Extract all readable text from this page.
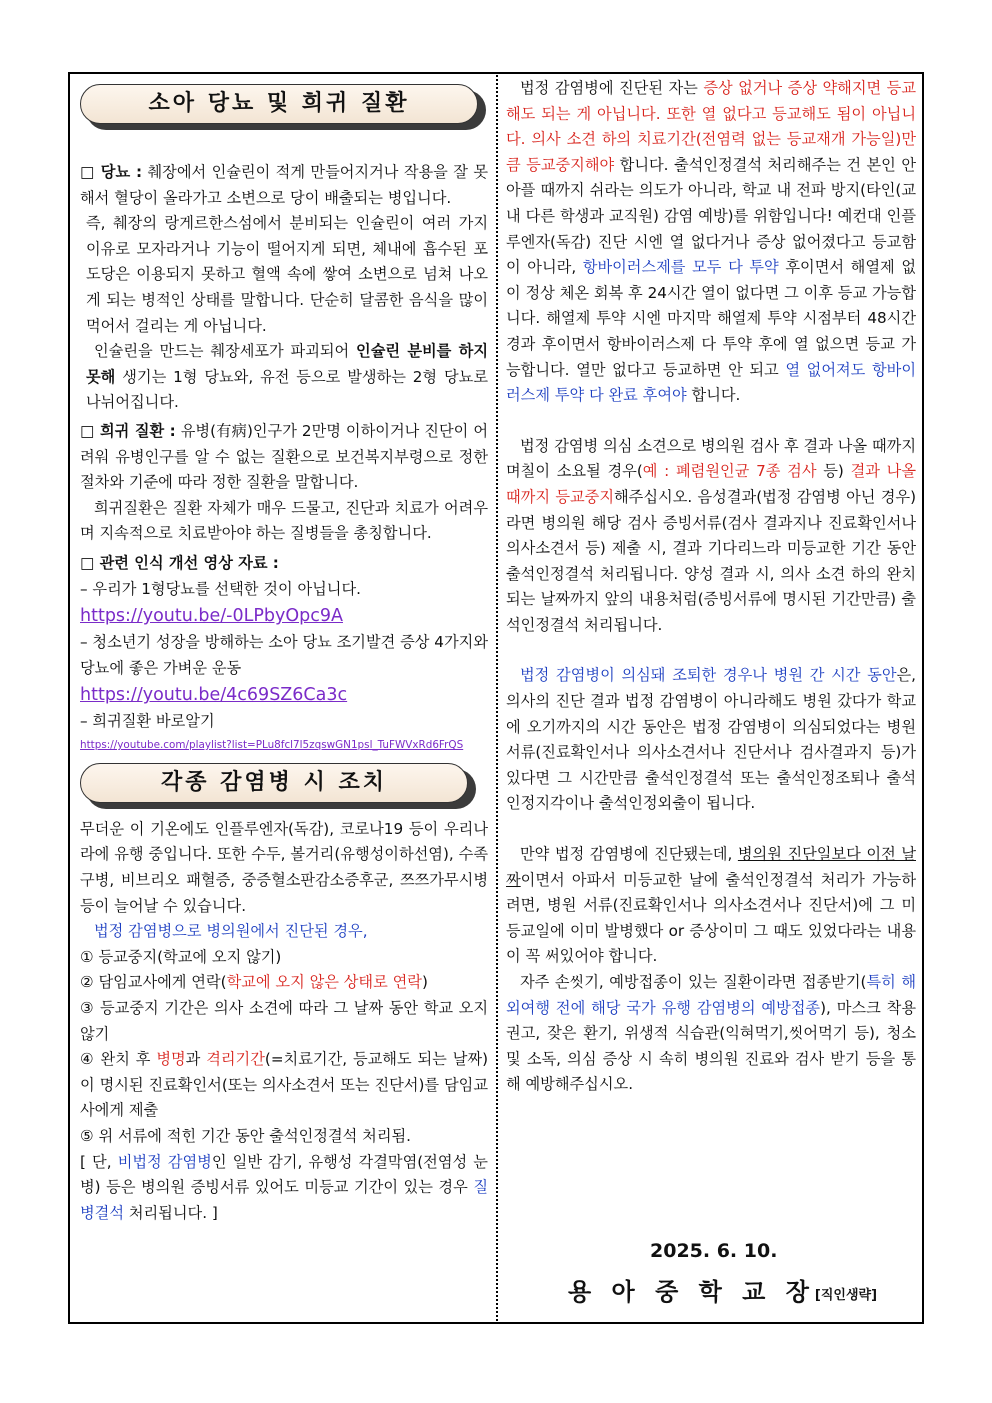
소아 당뇨 및 희귀 질환

□ 당뇨 : 췌장에서 인슐린이 적게 만들어지거나 작용을 잘 못해서 혈당이 올라가고 소변으로 당이 배출되는 병입니다.

즉, 췌장의 랑게르한스섬에서 분비되는 인슐린이 여러 가지 이유로 모자라거나 기능이 떨어지게 되면, 체내에 흡수된 포도당은 이용되지 못하고 혈액 속에 쌓여 소변으로 넘쳐 나오게 되는 병적인 상태를 말합니다. 단순히 달콤한 음식을 많이 먹어서 걸리는 게 아닙니다.

인슐린을 만드는 췌장세포가 파괴되어 인슐린 분비를 하지 못해 생기는 1형 당뇨와, 유전 등으로 발생하는 2형 당뇨로 나뉘어집니다.

□ 희귀 질환 : 유병(有病)인구가 2만명 이하이거나 진단이 어려워 유병인구를 알 수 없는 질환으로 보건복지부령으로 정한 절차와 기준에 따라 정한 질환을 말합니다.

희귀질환은 질환 자체가 매우 드물고, 진단과 치료가 어려우며 지속적으로 치료받아야 하는 질병들을 총칭합니다.

□ 관련 인식 개선 영상 자료 :

– 우리가 1형당뇨를 선택한 것이 아닙니다.

https://youtu.be/-0LPbyOpc9A

– 청소년기 성장을 방해하는 소아 당뇨 조기발견 증상 4가지와 당뇨에 좋은 가벼운 운동

https://youtu.be/4c69SZ6Ca3c

– 희귀질환 바로알기

https://youtube.com/playlist?list=PLu8fcl7l5zqswGN1psl_TuFWVxRd6FrQS

각종 감염병 시 조치

무더운 이 기온에도 인플루엔자(독감), 코로나19 등이 우리나라에 유행 중입니다. 또한 수두, 볼거리(유행성이하선염), 수족구병, 비브리오 패혈증, 중증혈소판감소증후군, 쯔쯔가무시병 등이 늘어날 수 있습니다.

법정 감염병으로 병의원에서 진단된 경우,

① 등교중지(학교에 오지 않기)

② 담임교사에게 연락(학교에 오지 않은 상태로 연락)

③ 등교중지 기간은 의사 소견에 따라 그 날짜 동안 학교 오지 않기

④ 완치 후 병명과 격리기간(=치료기간, 등교해도 되는 날짜)이 명시된 진료확인서(또는 의사소견서 또는 진단서)를 담임교사에게 제출

⑤ 위 서류에 적힌 기간 동안 출석인정결석 처리됨.

[ 단, 비법정 감염병인 일반 감기, 유행성 각결막염(전염성 눈병) 등은 병의원 증빙서류 있어도 미등교 기간이 있는 경우 질병결석 처리됩니다. ]

법정 감염병에 진단된 자는 증상 없거나 증상 약해지면 등교해도 되는 게 아닙니다. 또한 열 없다고 등교해도 됨이 아닙니다. 의사 소견 하의 치료기간(전염력 없는 등교재개 가능일)만큼 등교중지해야 합니다. 출석인정결석 처리해주는 건 본인 안 아플 때까지 쉬라는 의도가 아니라, 학교 내 전파 방지(타인(교내 다른 학생과 교직원) 감염 예방)를 위함입니다! 예컨대 인플루엔자(독감) 진단 시엔 열 없다거나 증상 없어졌다고 등교함이 아니라, 항바이러스제를 모두 다 투약 후이면서 해열제 없이 정상 체온 회복 후 24시간 열이 없다면 그 이후 등교 가능합니다. 해열제 투약 시엔 마지막 해열제 투약 시점부터 48시간 경과 후이면서 항바이러스제 다 투약 후에 열 없으면 등교 가능합니다. 열만 없다고 등교하면 안 되고 열 없어져도 항바이러스제 투약 다 완료 후여야 합니다.

법정 감염병 의심 소견으로 병의원 검사 후 결과 나올 때까지 며칠이 소요될 경우(예 : 폐렴원인균 7종 검사 등) 결과 나올 때까지 등교중지해주십시오. 음성결과(법정 감염병 아닌 경우)라면 병의원 해당 검사 증빙서류(검사 결과지나 진료확인서나 의사소견서 등) 제출 시, 결과 기다리느라 미등교한 기간 동안 출석인정결석 처리됩니다. 양성 결과 시, 의사 소견 하의 완치되는 날짜까지 앞의 내용처럼(증빙서류에 명시된 기간만큼) 출석인정결석 처리됩니다.

법정 감염병이 의심돼 조퇴한 경우나 병원 간 시간 동안은, 의사의 진단 결과 법정 감염병이 아니라해도 병원 갔다가 학교에 오기까지의 시간 동안은 법정 감염병이 의심되었다는 병원 서류(진료확인서나 의사소견서나 진단서나 검사결과지 등)가 있다면 그 시간만큼 출석인정결석 또는 출석인정조퇴나 출석인정지각이나 출석인정외출이 됩니다.

만약 법정 감염병에 진단됐는데, 병의원 진단일보다 이전 날짜이면서 아파서 미등교한 날에 출석인정결석 처리가 가능하려면, 병원 서류(진료확인서나 의사소견서나 진단서)에 그 미등교일에 이미 발병했다 or 증상이미 그 때도 있었다라는 내용이 꼭 써있어야 합니다.

자주 손씻기, 예방접종이 있는 질환이라면 접종받기(특히 해외여행 전에 해당 국가 유행 감염병의 예방접종), 마스크 착용 권고, 잦은 환기, 위생적 식습관(익혀먹기,씻어먹기 등), 청소 및 소독, 의심 증상 시 속히 병의원 진료와 검사 받기 등을 통해 예방해주십시오.

2025. 6. 10.
용 아 중 학 교 장[직인생략]
